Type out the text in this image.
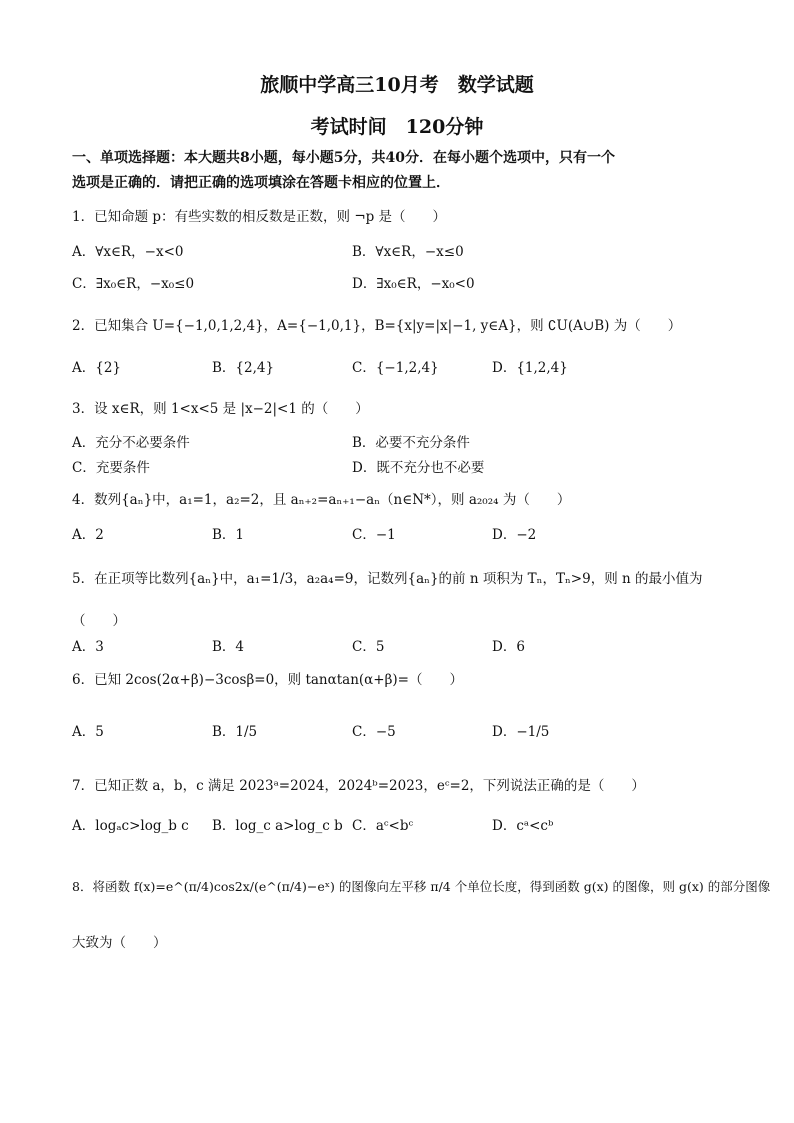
旅顺中学高三10月考　数学试题
考试时间　120分钟
一、单项选择题：本大题共8小题，每小题5分，共40分．在每小题个选项中，只有一个
选项是正确的．请把正确的选项填涂在答题卡相应的位置上．
1．已知命题 p：有些实数的相反数是正数，则 ¬p 是（　　）
A．∀x∈R，−x<0	B．∀x∈R，−x≤0
C．∃x₀∈R，−x₀≤0	D．∃x₀∈R，−x₀<0
2．已知集合 U={−1,0,1,2,4}，A={−1,0,1}，B={x|y=|x|−1, y∈A}，则 ∁U(A∪B) 为（　　）
A．{2}	B．{2,4}	C．{−1,2,4}	D．{1,2,4}
3．设 x∈R，则 1<x<5 是 |x−2|<1 的（　　）
A．充分不必要条件	B．必要不充分条件
C．充要条件	D．既不充分也不必要
4．数列{aₙ}中，a₁=1，a₂=2，且 aₙ₊₂=aₙ₊₁−aₙ（n∈N*），则 a₂₀₂₄ 为（　　）
A．2	B．1	C．−1	D．−2
5．在正项等比数列{aₙ}中，a₁=1/3，a₂a₄=9，记数列{aₙ}的前 n 项积为 Tₙ，Tₙ>9，则 n 的最小值为
（　　）
A．3	B．4	C．5	D．6
6．已知 2cos(2α+β)−3cosβ=0，则 tanαtan(α+β)=（　　）
A．5	B．1/5	C．−5	D．−1/5
7．已知正数 a，b，c 满足 2023ᵃ=2024，2024ᵇ=2023，eᶜ=2，下列说法正确的是（　　）
A．logₐc>log_b c B．log_c a>log_c b C．aᶜ<bᶜ	D．cᵃ<cᵇ
8．将函数 f(x)=e^(π/4)cos2x/(e^(π/4)−eˣ) 的图像向左平移 π/4 个单位长度，得到函数 g(x) 的图像，则 g(x) 的部分图像
大致为（　　）
